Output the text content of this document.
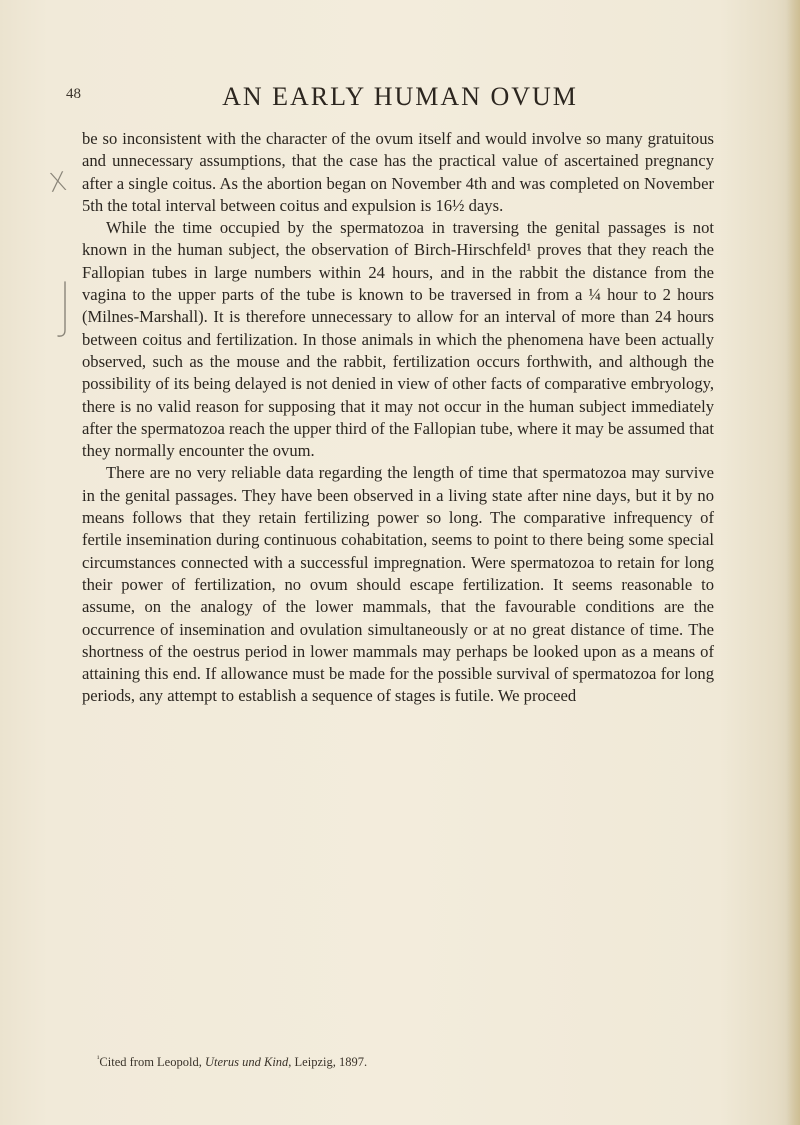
48	AN EARLY HUMAN OVUM
X

be so inconsistent with the character of the ovum itself and would involve so many gratuitous and unnecessary assumptions, that the case has the practical value of ascertained pregnancy after a single coitus. As the abortion began on November 4th and was completed on November 5th the total interval between coitus and expulsion is 16½ days.

While the time occupied by the spermatozoa in traversing the genital passages is not known in the human subject, the observation of Birch-Hirschfeld¹ proves that they reach the Fallopian tubes in large numbers within 24 hours, and in the rabbit the distance from the vagina to the upper parts of the tube is known to be traversed in from a ¼ hour to 2 hours (Milnes-Marshall). It is therefore unnecessary to allow for an interval of more than 24 hours between coitus and fertilization. In those animals in which the phenomena have been actually observed, such as the mouse and the rabbit, fertilization occurs forthwith, and although the possibility of its being delayed is not denied in view of other facts of comparative embryology, there is no valid reason for supposing that it may not occur in the human subject immediately after the spermatozoa reach the upper third of the Fallopian tube, where it may be assumed that they normally encounter the ovum.

There are no very reliable data regarding the length of time that spermatozoa may survive in the genital passages. They have been observed in a living state after nine days, but it by no means follows that they retain fertilizing power so long. The comparative infrequency of fertile insemination during continuous cohabitation, seems to point to there being some special circumstances connected with a successful impregnation. Were spermatozoa to retain for long their power of fertilization, no ovum should escape fertilization. It seems reasonable to assume, on the analogy of the lower mammals, that the favourable conditions are the occurrence of insemination and ovulation simultaneously or at no great distance of time. The shortness of the oestrus period in lower mammals may perhaps be looked upon as a means of attaining this end. If allowance must be made for the possible survival of spermatozoa for long periods, any attempt to establish a sequence of stages is futile. We proceed

$^{^1}$Cited from Leopold, Uterus und Kind, Leipzig, 1897.
